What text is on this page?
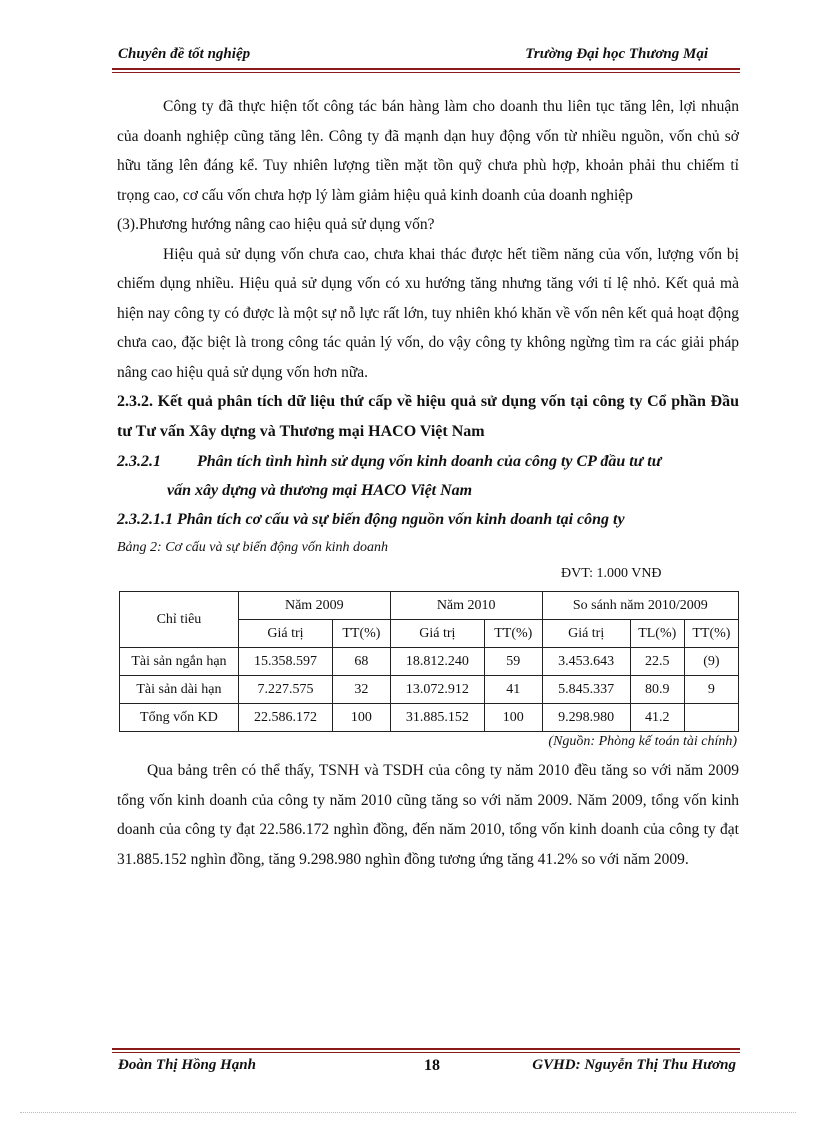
Chuyên đề tốt nghiệp	Trường Đại học Thương Mại

Công ty đã thực hiện tốt công tác bán hàng làm cho doanh thu liên tục tăng lên, lợi nhuận của doanh nghiệp cũng tăng lên. Công ty đã mạnh dạn huy động vốn từ nhiều nguồn, vốn chủ sở hữu tăng lên đáng kể. Tuy nhiên lượng tiền mặt tồn quỹ chưa phù hợp, khoản phải thu chiếm tỉ trọng cao, cơ cấu vốn chưa hợp lý làm giảm hiệu quả kinh doanh của doanh nghiệp

(3).Phương hướng nâng cao hiệu quả sử dụng vốn?

Hiệu quả sử dụng vốn chưa cao, chưa khai thác được hết tiềm năng của vốn, lượng vốn bị chiếm dụng nhiều. Hiệu quả sử dụng vốn có xu hướng tăng nhưng tăng với tỉ lệ nhỏ. Kết quả mà hiện nay công ty có được là một sự nỗ lực rất lớn, tuy nhiên khó khăn về vốn nên kết quả hoạt động chưa cao, đặc biệt là trong công tác quản lý vốn, do vậy công ty không ngừng tìm ra các giải pháp nâng cao hiệu quả sử dụng vốn hơn nữa.

2.3.2. Kết quả phân tích dữ liệu thứ cấp về hiệu quả sử dụng vốn tại công ty Cổ phần Đầu tư Tư vấn Xây dựng và Thương mại HACO Việt Nam
2.3.2.1 Phân tích tình hình sử dụng vốn kinh doanh của công ty CP đầu tư tư
vấn xây dựng và thương mại HACO Việt Nam
2.3.2.1.1 Phân tích cơ cấu và sự biến động nguồn vốn kinh doanh tại công ty
Bảng 2: Cơ cấu và sự biến động vốn kinh doanh
ĐVT: 1.000 VNĐ
Chỉ tiêu	Năm 2009		Năm 2010		So sánh năm 2010/2009		
	Giá trị	TT(%)	Giá trị	TT(%)	Giá trị	TL(%)	TT(%)
Tài sản ngắn hạn	15.358.597	68	18.812.240	59	3.453.643	22.5	(9)
Tài sản dài hạn	7.227.575	32	13.072.912	41	5.845.337	80.9	9
Tổng vốn KD	22.586.172	100	31.885.152	100	9.298.980	41.2	
(Nguồn: Phòng kế toán tài chính)

Qua bảng trên có thể thấy, TSNH và TSDH của công ty năm 2010 đều tăng so với năm 2009 tổng vốn kinh doanh của công ty năm 2010 cũng tăng so với năm 2009. Năm 2009, tổng vốn kinh doanh của công ty đạt 22.586.172 nghìn đồng, đến năm 2010, tổng vốn kinh doanh của công ty đạt 31.885.152 nghìn đồng, tăng 9.298.980 nghìn đồng tương ứng tăng 41.2% so với năm 2009.

Đoàn Thị Hồng Hạnh	18	GVHD: Nguyễn Thị Thu Hương
